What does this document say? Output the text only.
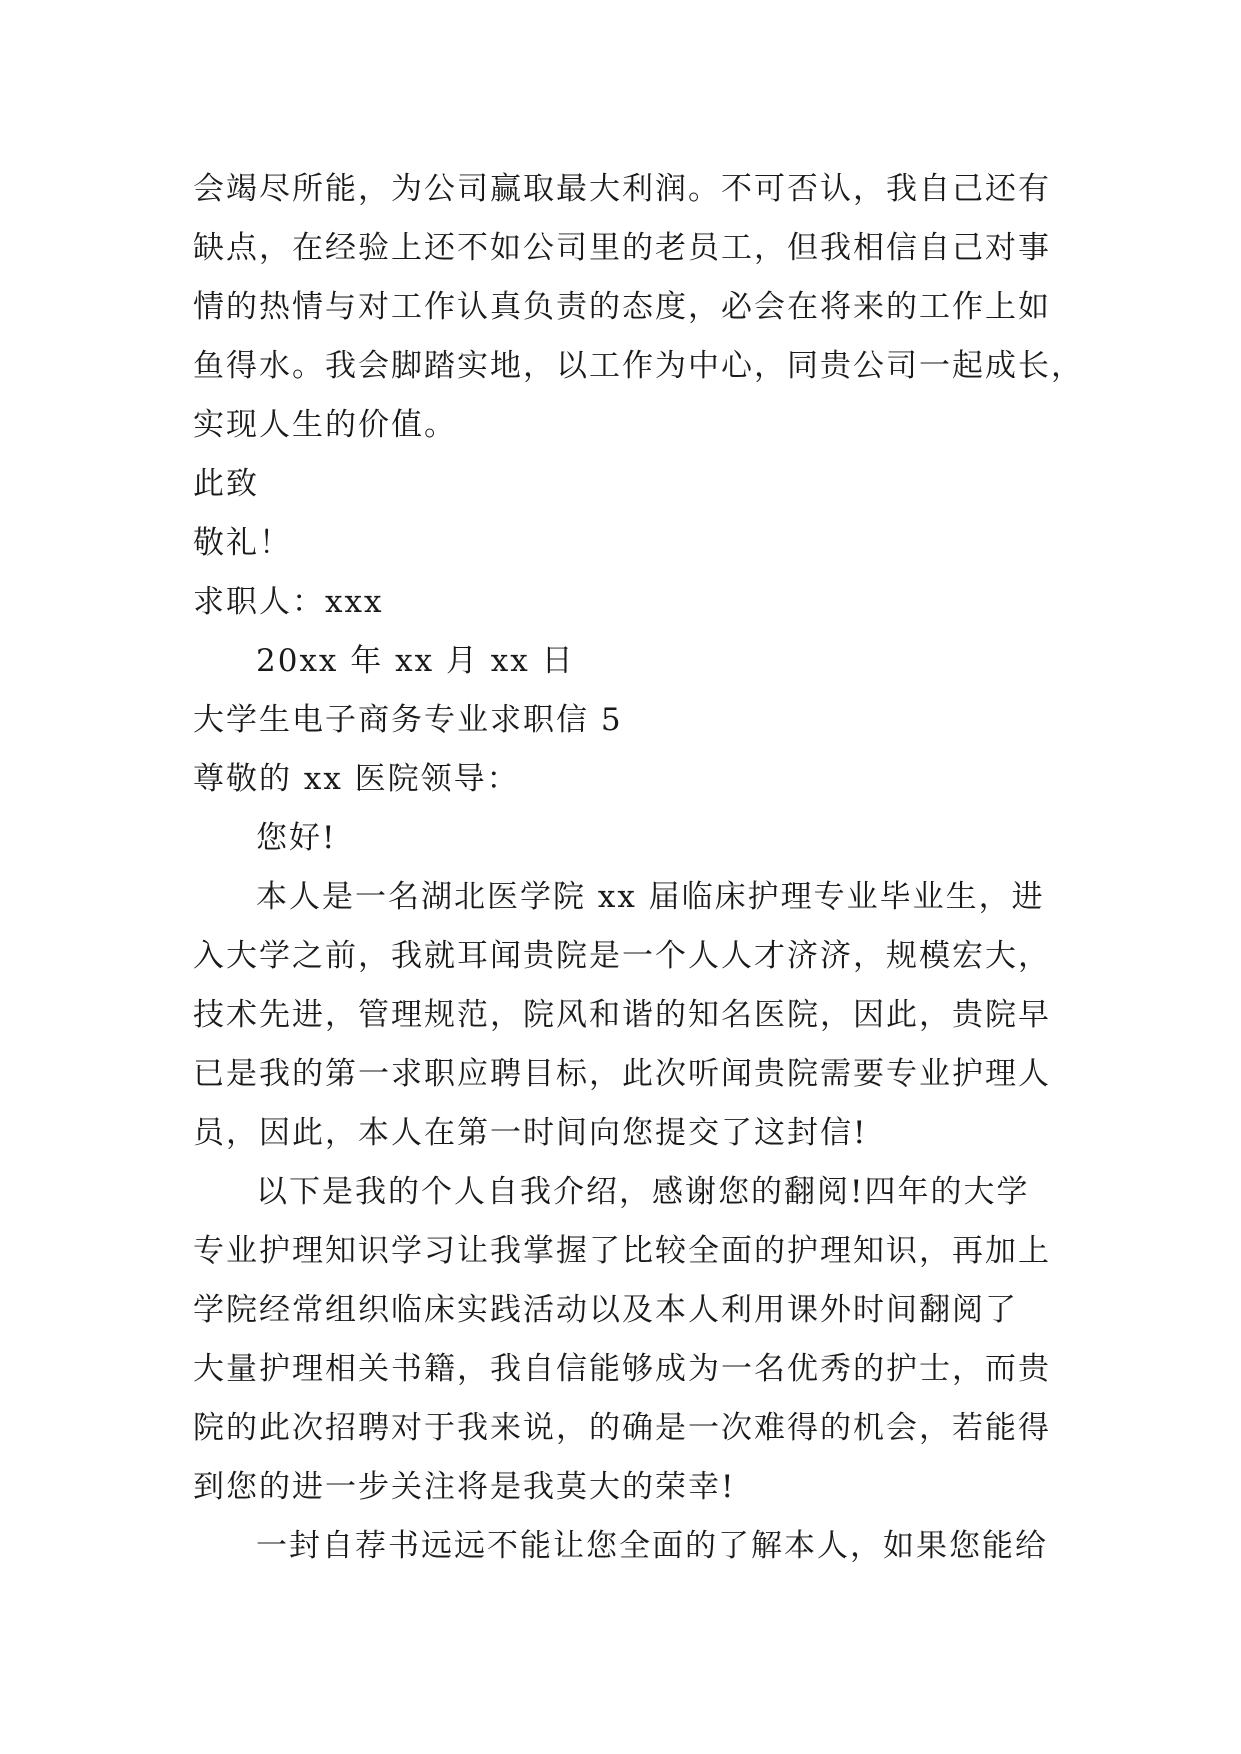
会竭尽所能，为公司赢取最大利润。不可否认，我自己还有
缺点，在经验上还不如公司里的老员工，但我相信自己对事
情的热情与对工作认真负责的态度，必会在将来的工作上如
鱼得水。我会脚踏实地，以工作为中心，同贵公司一起成长，
实现人生的价值。
此致
敬礼！
求职人：xxx
20xx 年 xx 月 xx 日
大学生电子商务专业求职信 5
尊敬的 xx 医院领导：
您好!
本人是一名湖北医学院 xx 届临床护理专业毕业生，进
入大学之前，我就耳闻贵院是一个人人才济济，规模宏大，
技术先进，管理规范，院风和谐的知名医院，因此，贵院早
已是我的第一求职应聘目标，此次听闻贵院需要专业护理人
员，因此，本人在第一时间向您提交了这封信!
以下是我的个人自我介绍，感谢您的翻阅!四年的大学
专业护理知识学习让我掌握了比较全面的护理知识，再加上
学院经常组织临床实践活动以及本人利用课外时间翻阅了
大量护理相关书籍，我自信能够成为一名优秀的护士，而贵
院的此次招聘对于我来说，的确是一次难得的机会，若能得
到您的进一步关注将是我莫大的荣幸!
一封自荐书远远不能让您全面的了解本人，如果您能给
